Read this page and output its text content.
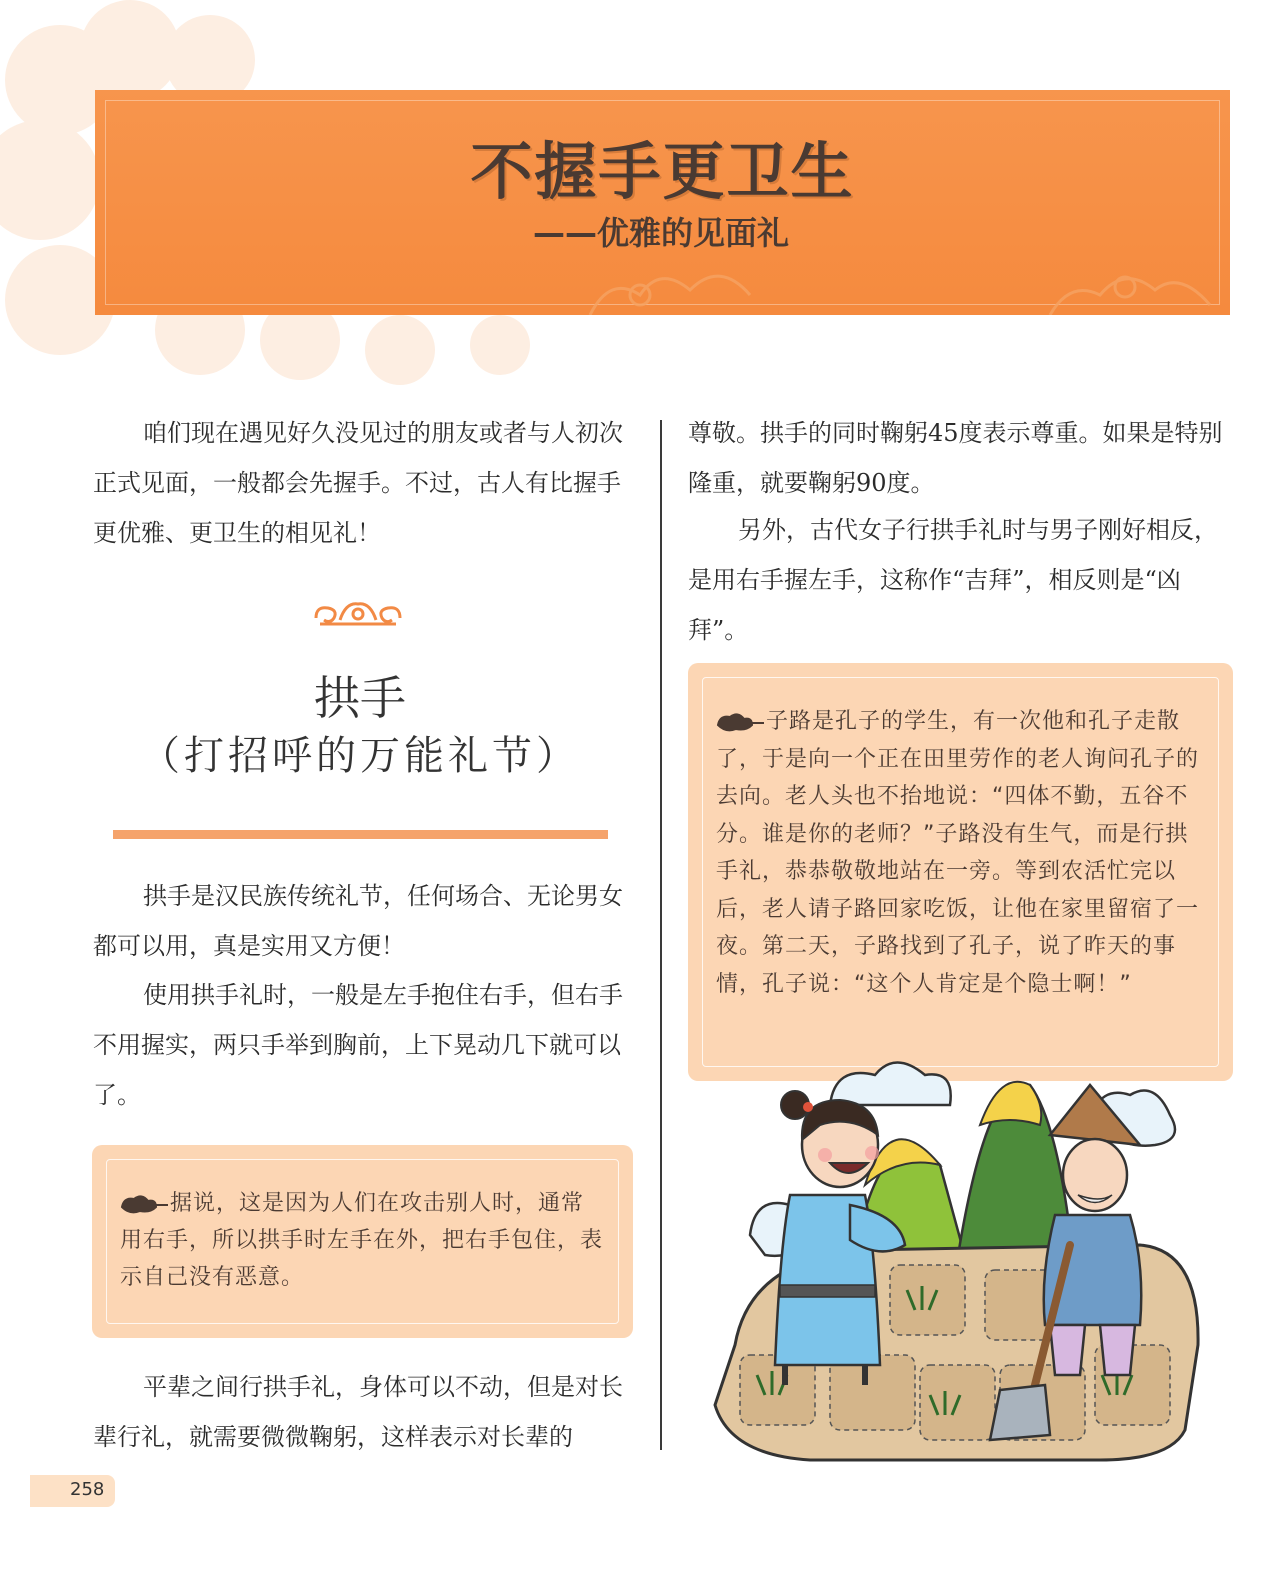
不握手更卫生
——优雅的见面礼

咱们现在遇见好久没见过的朋友或者与人初次正式见面，一般都会先握手。不过，古人有比握手更优雅、更卫生的相见礼！

拱手
（打招呼的万能礼节）

拱手是汉民族传统礼节，任何场合、无论男女都可以用，真是实用又方便！

使用拱手礼时，一般是左手抱住右手，但右手不用握实，两只手举到胸前，上下晃动几下就可以了。

据说，这是因为人们在攻击别人时，通常用右手，所以拱手时左手在外，把右手包住，表示自己没有恶意。

平辈之间行拱手礼，身体可以不动，但是对长辈行礼，就需要微微鞠躬，这样表示对长辈的

尊敬。拱手的同时鞠躬45度表示尊重。如果是特别隆重，就要鞠躬90度。

另外，古代女子行拱手礼时与男子刚好相反，是用右手握左手，这称作“吉拜”，相反则是“凶拜”。

子路是孔子的学生，有一次他和孔子走散了，于是向一个正在田里劳作的老人询问孔子的去向。老人头也不抬地说：“四体不勤，五谷不分。谁是你的老师？”子路没有生气，而是行拱手礼，恭恭敬敬地站在一旁。等到农活忙完以后，老人请子路回家吃饭，让他在家里留宿了一夜。第二天，子路找到了孔子，说了昨天的事情，孔子说：“这个人肯定是个隐士啊！”
258
